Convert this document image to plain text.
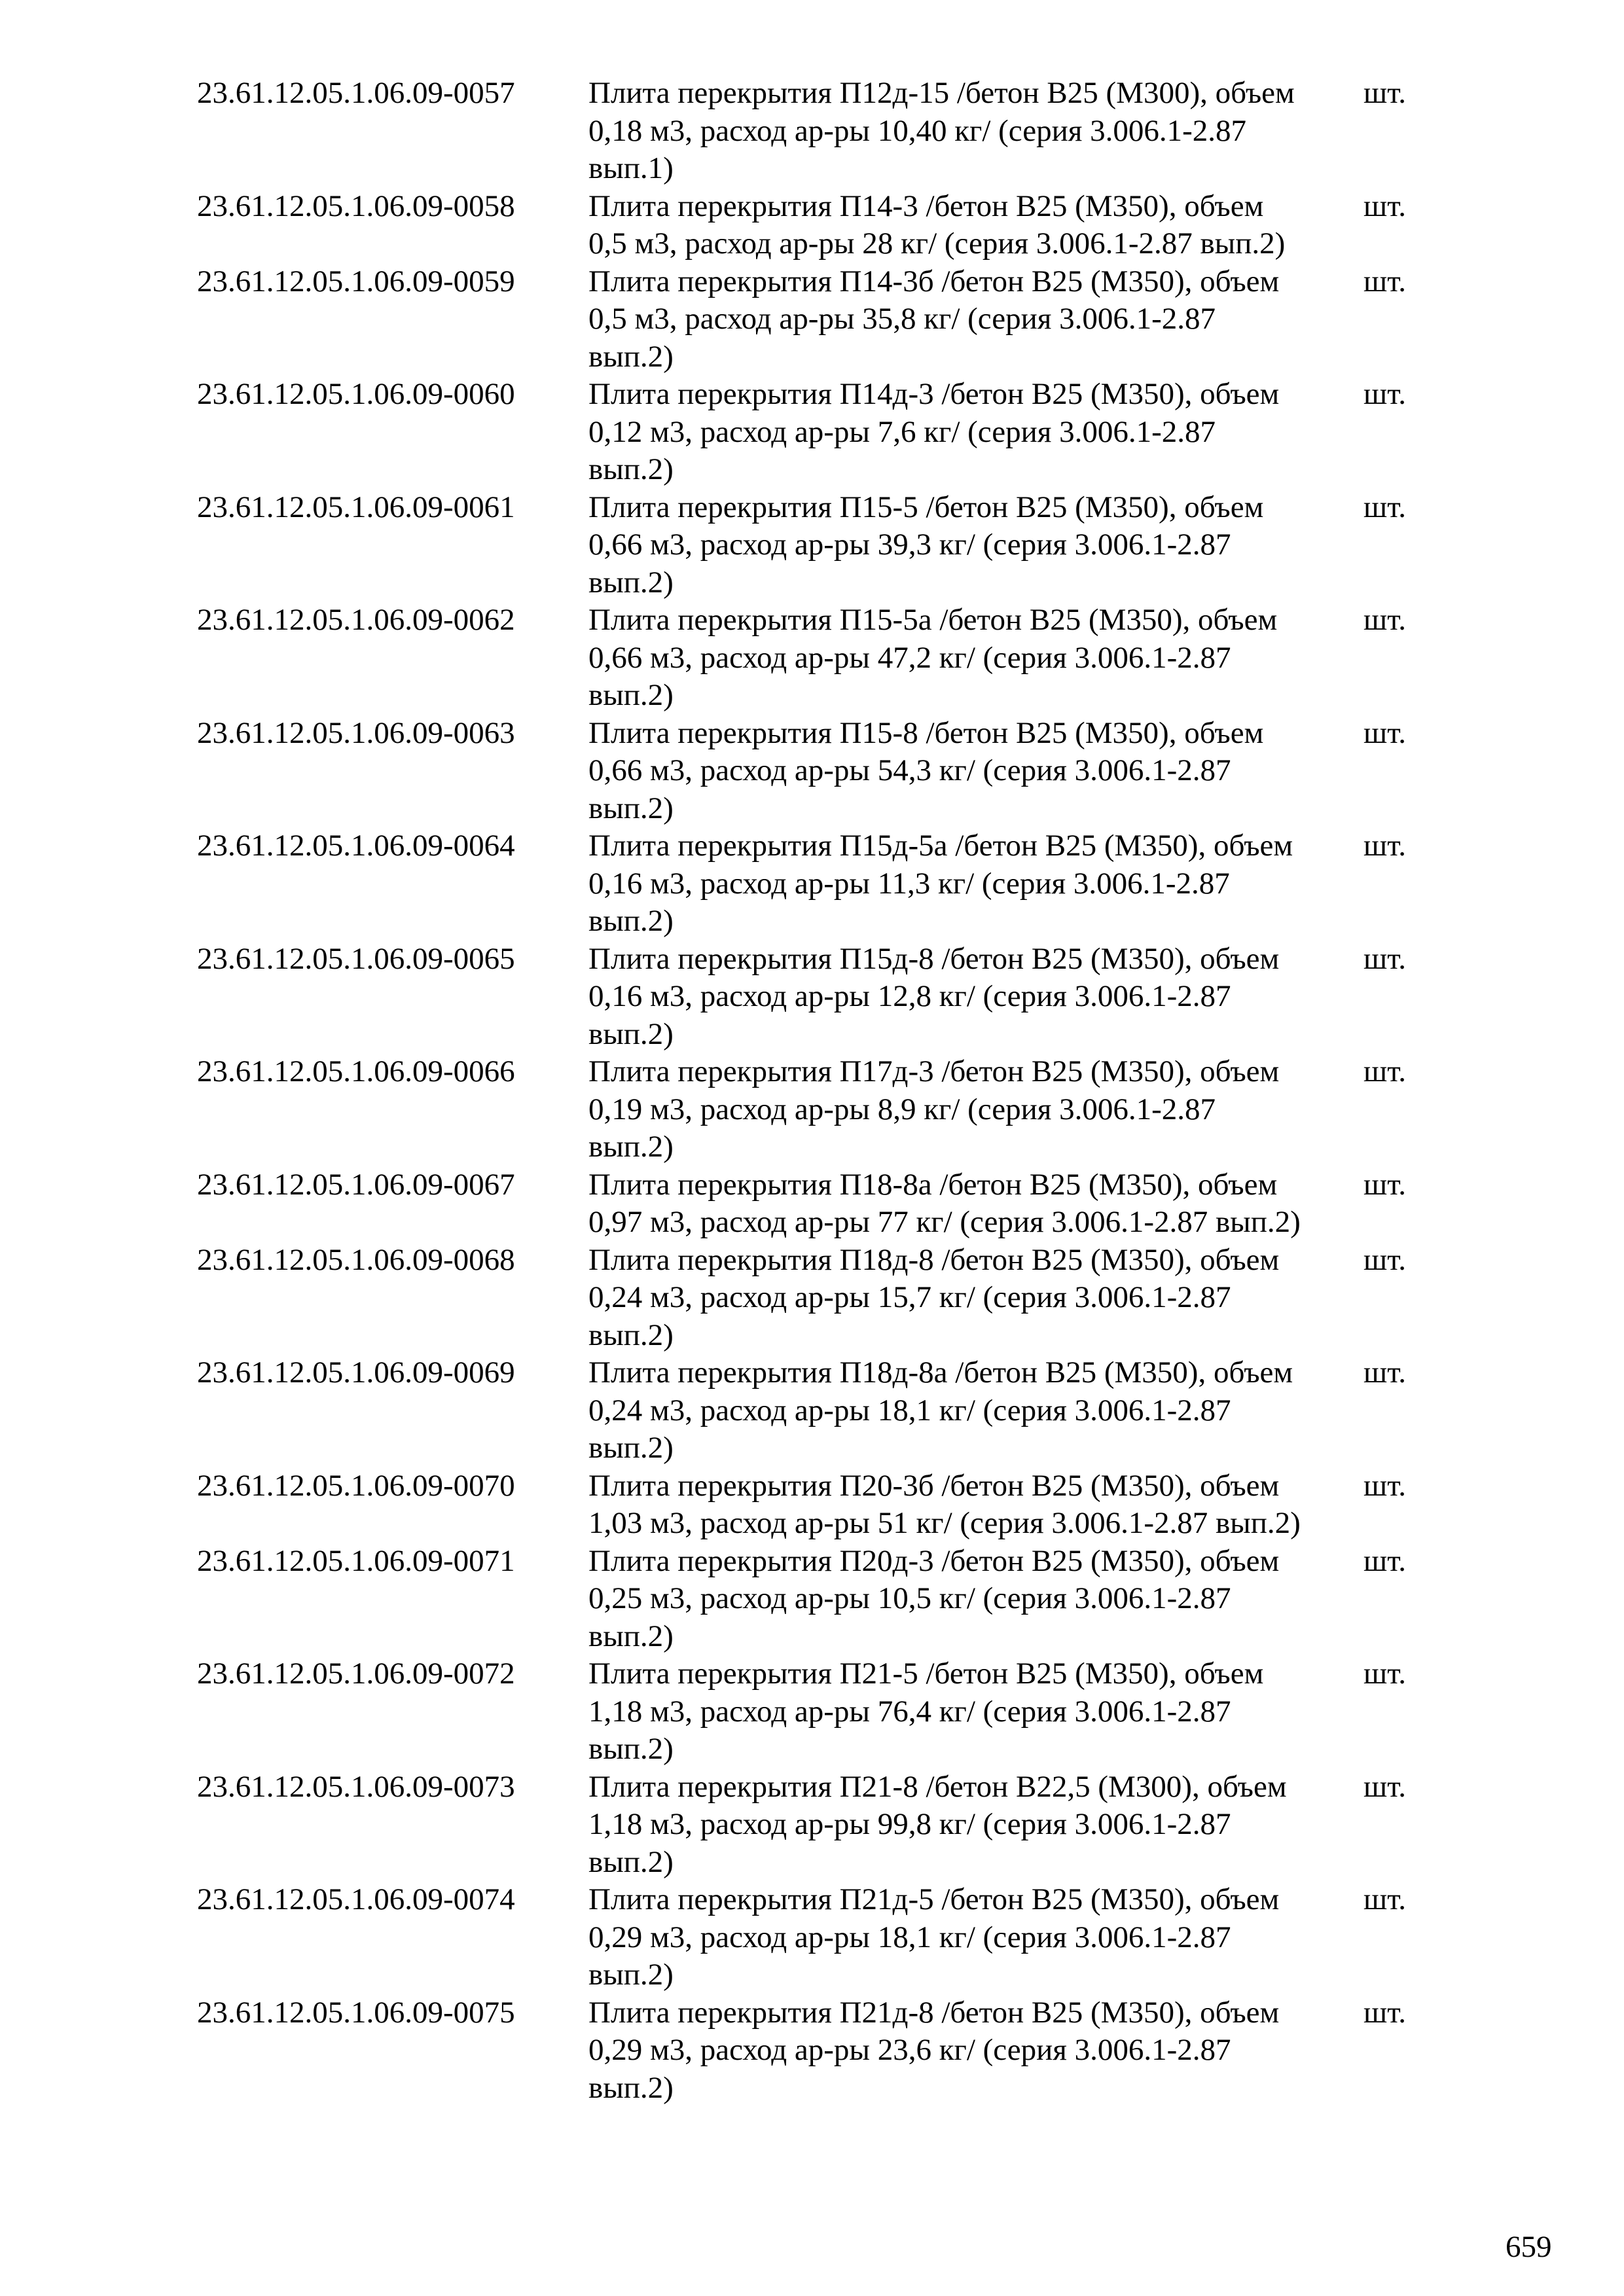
23.61.12.05.1.06.09-0057	Плита перекрытия П12д-15 /бетон В25 (М300), объем
0,18 м3, расход ар-ры 10,40 кг/ (серия 3.006.1-2.87
вып.1)
шт.
23.61.12.05.1.06.09-0058	Плита перекрытия П14-3 /бетон В25 (М350), объем
0,5 м3, расход ар-ры 28 кг/ (серия 3.006.1-2.87 вып.2)
шт.
23.61.12.05.1.06.09-0059	Плита перекрытия П14-3б /бетон В25 (М350), объем
0,5 м3, расход ар-ры 35,8 кг/ (серия 3.006.1-2.87
вып.2)
шт.
23.61.12.05.1.06.09-0060	Плита перекрытия П14д-3 /бетон В25 (М350), объем
0,12 м3, расход ар-ры 7,6 кг/ (серия 3.006.1-2.87
вып.2)
шт.
23.61.12.05.1.06.09-0061	Плита перекрытия П15-5 /бетон В25 (М350), объем
0,66 м3, расход ар-ры 39,3 кг/ (серия 3.006.1-2.87
вып.2)
шт.
23.61.12.05.1.06.09-0062	Плита перекрытия П15-5а /бетон В25 (М350), объем
0,66 м3, расход ар-ры 47,2 кг/ (серия 3.006.1-2.87
вып.2)
шт.
23.61.12.05.1.06.09-0063	Плита перекрытия П15-8 /бетон В25 (М350), объем
0,66 м3, расход ар-ры 54,3 кг/ (серия 3.006.1-2.87
вып.2)
шт.
23.61.12.05.1.06.09-0064	Плита перекрытия П15д-5а /бетон В25 (М350), объем
0,16 м3, расход ар-ры 11,3 кг/ (серия 3.006.1-2.87
вып.2)
шт.
23.61.12.05.1.06.09-0065	Плита перекрытия П15д-8 /бетон В25 (М350), объем
0,16 м3, расход ар-ры 12,8 кг/ (серия 3.006.1-2.87
вып.2)
шт.
23.61.12.05.1.06.09-0066	Плита перекрытия П17д-3 /бетон В25 (М350), объем
0,19 м3, расход ар-ры 8,9 кг/ (серия 3.006.1-2.87
вып.2)
шт.
23.61.12.05.1.06.09-0067	Плита перекрытия П18-8а /бетон В25 (М350), объем
0,97 м3, расход ар-ры 77 кг/ (серия 3.006.1-2.87 вып.2)
шт.
23.61.12.05.1.06.09-0068	Плита перекрытия П18д-8 /бетон В25 (М350), объем
0,24 м3, расход ар-ры 15,7 кг/ (серия 3.006.1-2.87
вып.2)
шт.
23.61.12.05.1.06.09-0069	Плита перекрытия П18д-8а /бетон В25 (М350), объем
0,24 м3, расход ар-ры 18,1 кг/ (серия 3.006.1-2.87
вып.2)
шт.
23.61.12.05.1.06.09-0070	Плита перекрытия П20-3б /бетон В25 (М350), объем
1,03 м3, расход ар-ры 51 кг/ (серия 3.006.1-2.87 вып.2)
шт.
23.61.12.05.1.06.09-0071	Плита перекрытия П20д-3 /бетон В25 (М350), объем
0,25 м3, расход ар-ры 10,5 кг/ (серия 3.006.1-2.87
вып.2)
шт.
23.61.12.05.1.06.09-0072	Плита перекрытия П21-5 /бетон В25 (М350), объем
1,18 м3, расход ар-ры 76,4 кг/ (серия 3.006.1-2.87
вып.2)
шт.
23.61.12.05.1.06.09-0073	Плита перекрытия П21-8 /бетон В22,5 (М300), объем
1,18 м3, расход ар-ры 99,8 кг/ (серия 3.006.1-2.87
вып.2)
шт.
23.61.12.05.1.06.09-0074	Плита перекрытия П21д-5 /бетон В25 (М350), объем
0,29 м3, расход ар-ры 18,1 кг/ (серия 3.006.1-2.87
вып.2)
шт.
23.61.12.05.1.06.09-0075	Плита перекрытия П21д-8 /бетон В25 (М350), объем
0,29 м3, расход ар-ры 23,6 кг/ (серия 3.006.1-2.87
вып.2)
шт.
659
